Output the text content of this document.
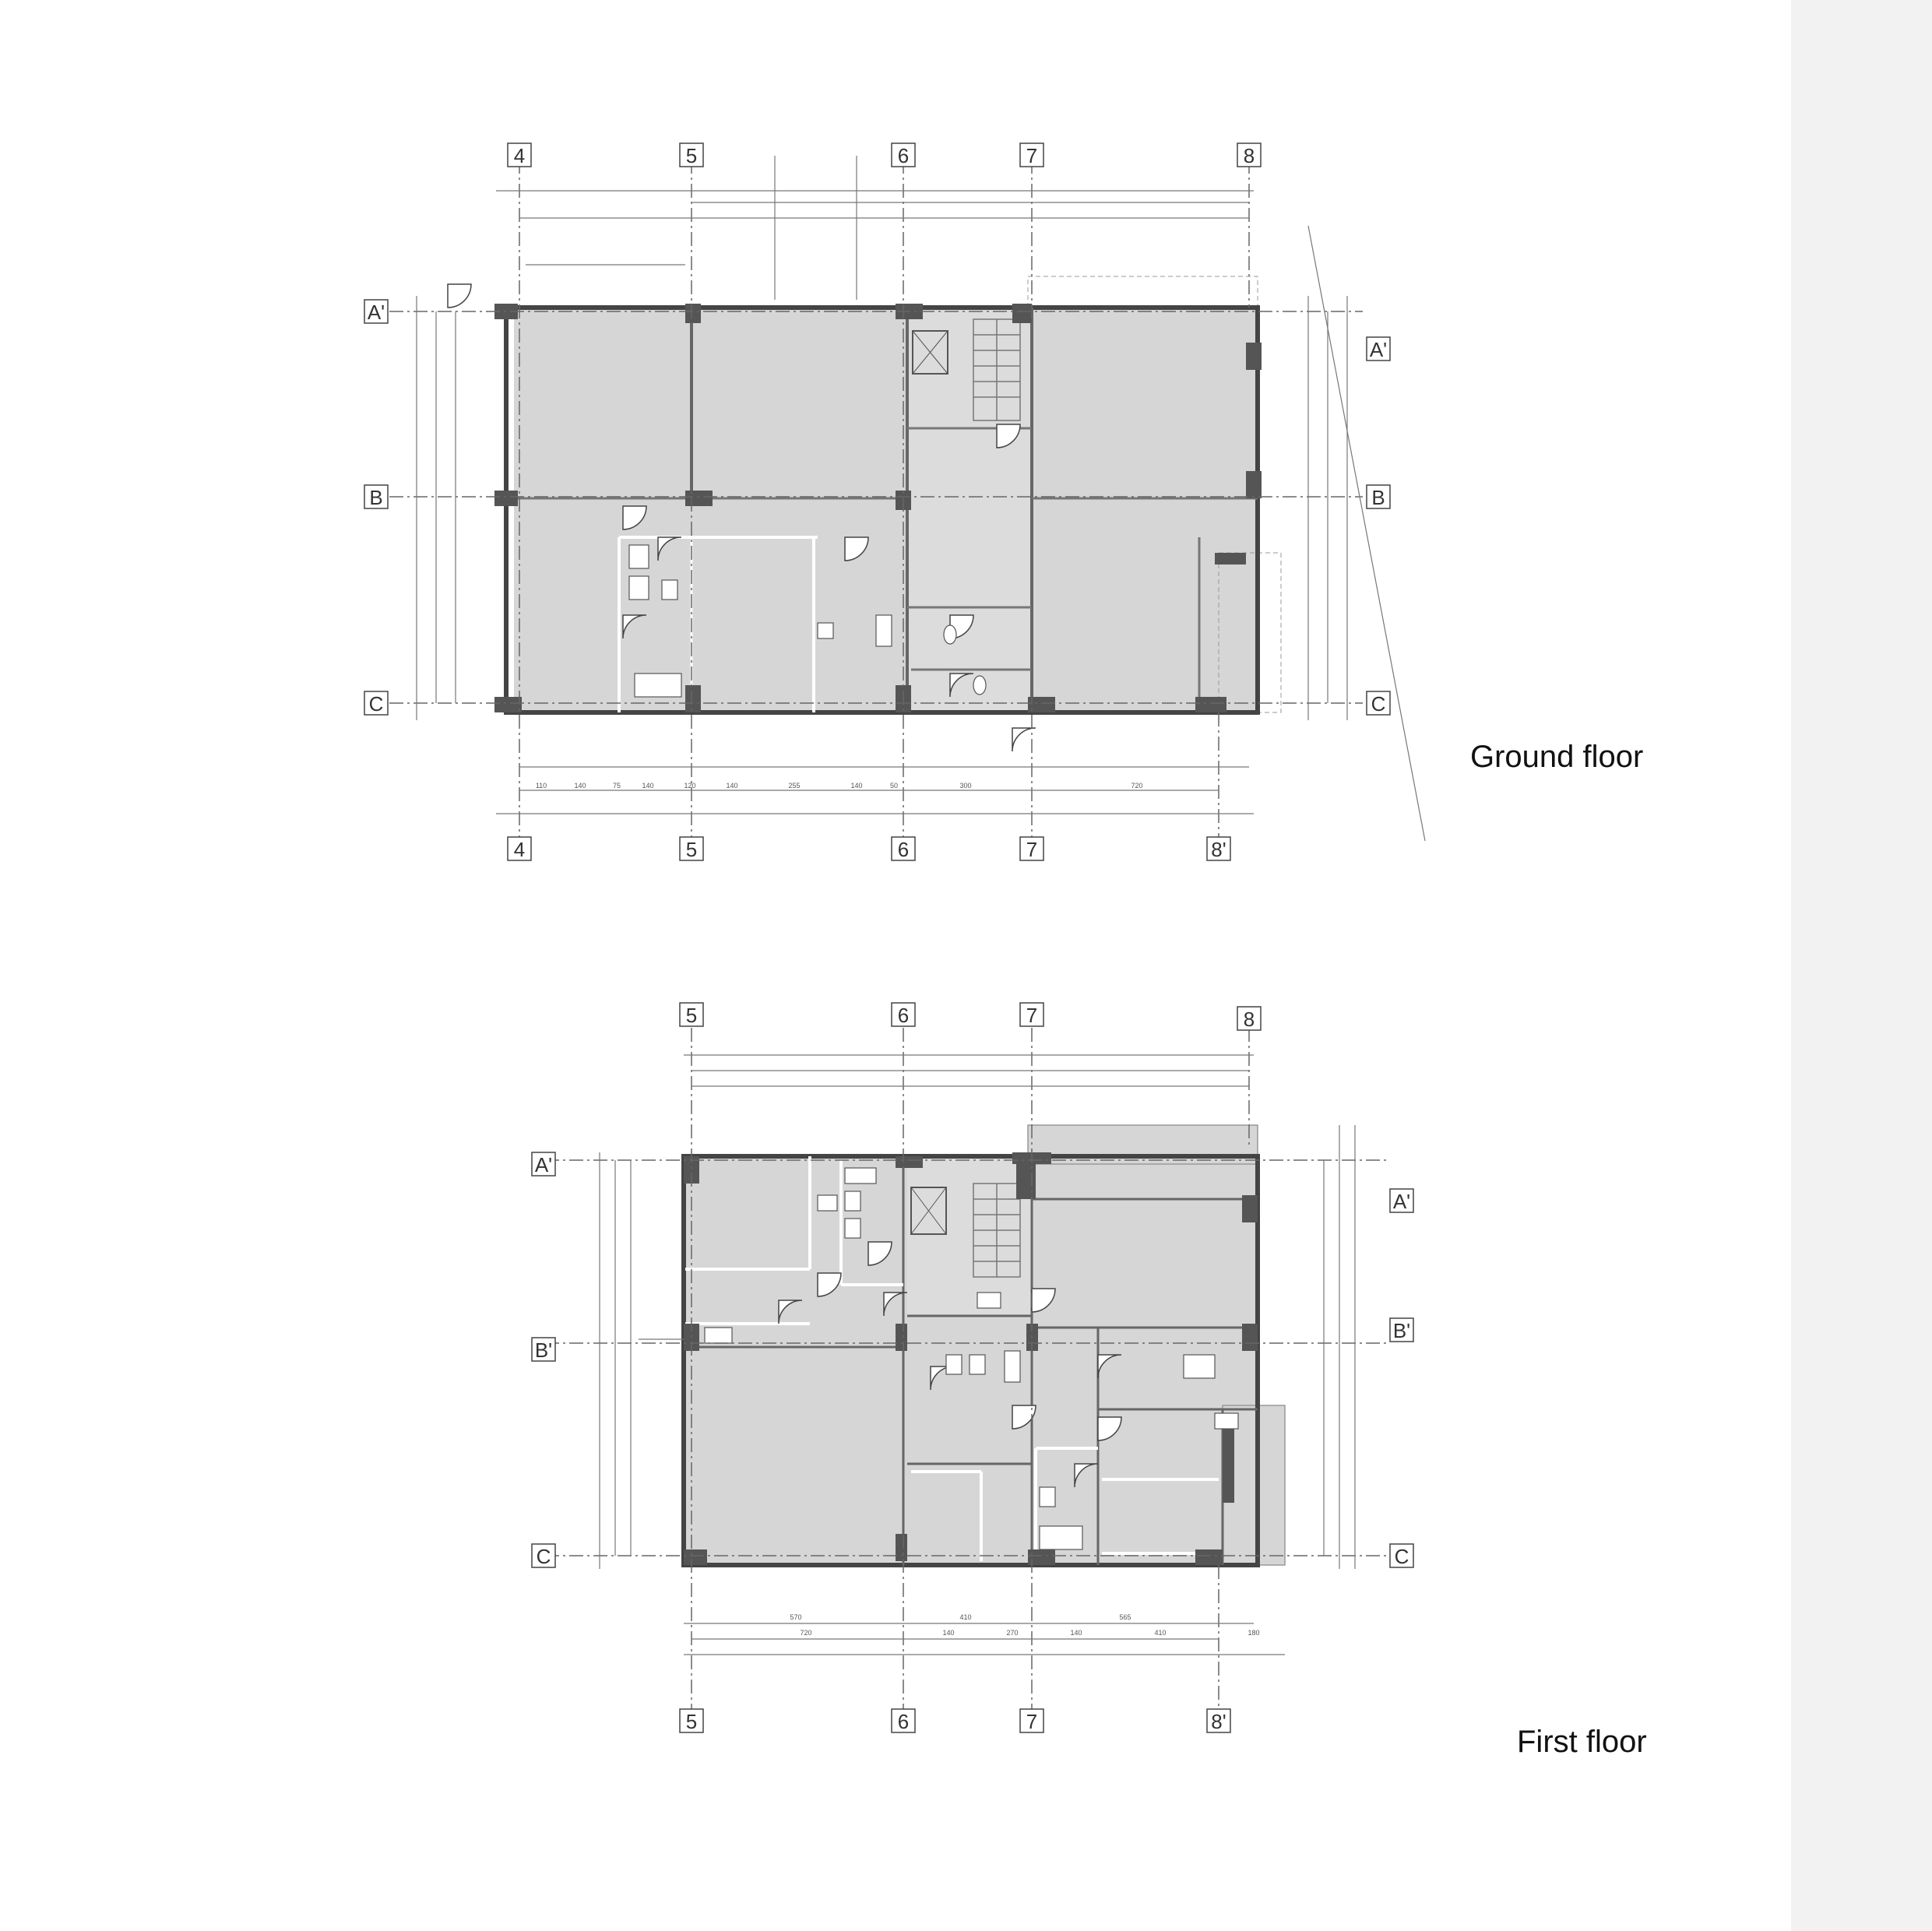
4	5	6	7	8
4	5	6	7	8'
A'
B
C
A'
B
C
110	140	75	140	120	140	255	140	50	300	720
Ground floor
5	6	7	8
5	6	7	8'
A'
B'
C
A'
B'
C
570	410	565
720	140	270	140	410	180
First floor
